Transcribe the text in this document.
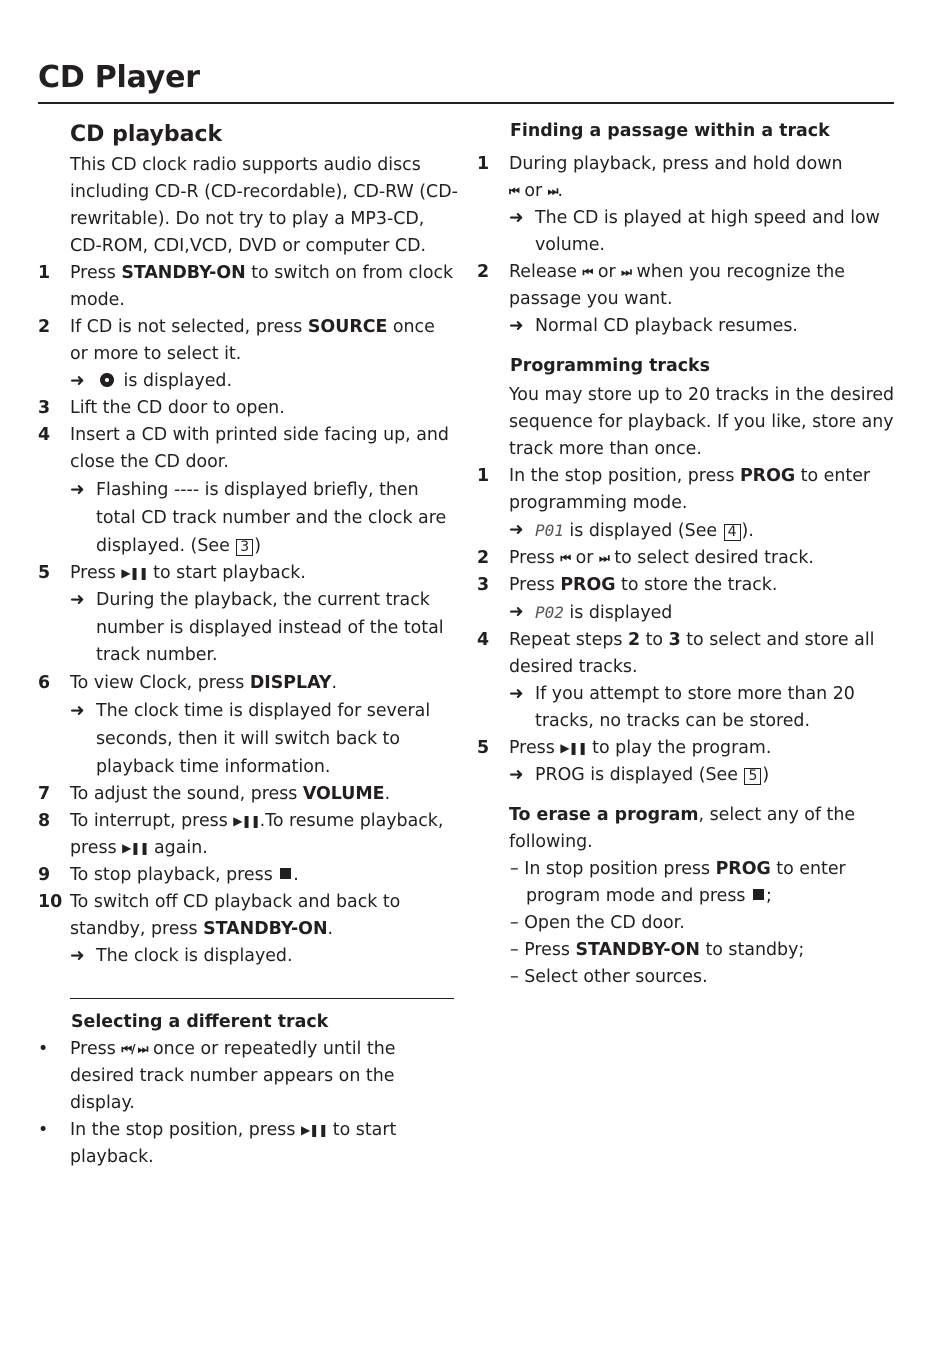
CD Player
CD playback

This CD clock radio supports audio discs including CD-R (CD-recordable), CD-RW (CD-rewritable). Do not try to play a MP3-CD, CD-ROM, CDI,VCD, DVD or computer CD.

1 Press STANDBY-ON to switch on from clock mode.
2 If CD is not selected, press SOURCE once or more to select it.
➜ is displayed.
3 Lift the CD door to open.
4 Insert a CD with printed side facing up, and close the CD door.
➜ Flashing ---- is displayed briefly, then total CD track number and the clock are displayed. (See 3 )
5 Press ▶❚❚ to start playback.
➜ During the playback, the current track number is displayed instead of the total track number.
6 To view Clock, press DISPLAY.
➜ The clock time is displayed for several seconds, then it will switch back to playback time information.
7 To adjust the sound, press VOLUME.
8 To interrupt, press ▶❚❚.To resume playback, press ▶❚❚ again.
9 To stop playback, press .
10 To switch off CD playback and back to standby, press STANDBY-ON.
➜ The clock is displayed.
Selecting a different track
• Press ⏮/ ⏭ once or repeatedly until the desired track number appears on the display.
• In the stop position, press ▶❚❚ to start playback.
Finding a passage within a track
1 During playback, press and hold down
⏮ or ⏭.
➜ The CD is played at high speed and low volume.
2 Release ⏮ or ⏭ when you recognize the passage you want.
➜ Normal CD playback resumes.
Programming tracks

You may store up to 20 tracks in the desired sequence for playback. If you like, store any track more than once.

1 In the stop position, press PROG to enter programming mode.
➜ P01 is displayed (See 4 ).
2 Press ⏮ or ⏭ to select desired track.
3 Press PROG to store the track.
➜ P02 is displayed
4 Repeat steps 2 to 3 to select and store all desired tracks.
➜ If you attempt to store more than 20 tracks, no tracks can be stored.
5 Press ▶❚❚ to play the program.
➜ PROG is displayed (See 5 )

To erase a program, select any of the following.

– In stop position press PROG to enter program mode and press ;
– Open the CD door.
– Press STANDBY-ON to standby;
– Select other sources.
